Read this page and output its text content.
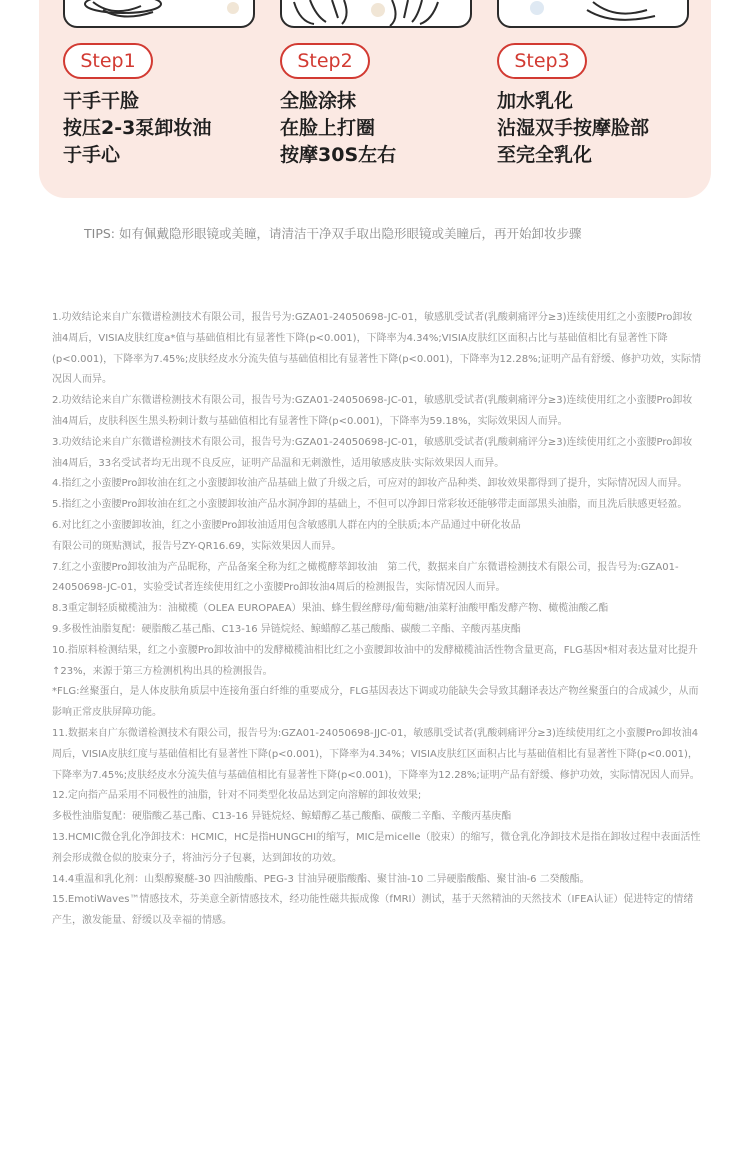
Step1
干手干脸
按压2-3泵卸妆油
于手心
Step2
全脸涂抹
在脸上打圈
按摩30S左右
Step3
加水乳化
沾湿双手按摩脸部
至完全乳化
TIPS: 如有佩戴隐形眼镜或美瞳，请清洁干净双手取出隐形眼镜或美瞳后，再开始卸妆步骤

1.功效结论来自广东微谱检测技术有限公司，报告号为:GZA01-24050698-JC-01，敏感肌受试者(乳酸刺痛评分≥3)连续使用红之小蛮腰Pro卸妆油4周后，VISIA皮肤红度a*值与基础值相比有显著性下降(p<0.001)，下降率为4.34%;VISIA皮肤红区面积占比与基础值相比有显著性下降(p<0.001)，下降率为7.45%;皮肤经皮水分流失值与基础值相比有显著性下降(p<0.001)，下降率为12.28%;证明产品有舒缓、修护功效，实际情况因人而异。

2.功效结论来自广东微谱检测技术有限公司，报告号为:GZA01-24050698-JC-01，敏感肌受试者(乳酸刺痛评分≥3)连续使用红之小蛮腰Pro卸妆油4周后，皮肤科医生黑头粉刺计数与基础值相比有显著性下降(p<0.001)，下降率为59.18%，实际效果因人而异。

3.功效结论来自广东微谱检测技术有限公司，报告号为:GZA01-24050698-JC-01，敏感肌受试者(乳酸刺痛评分≥3)连续使用红之小蛮腰Pro卸妆油4周后，33名受试者均无出现不良反应，证明产品温和无刺激性，适用敏感皮肤·实际效果因人而异。

4.指红之小蛮腰Pro卸妆油在红之小蛮腰卸妆油产品基础上做了升级之后，可应对的卸妆产品种类、卸妆效果都得到了提升，实际情况因人而异。

5.指红之小蛮腰Pro卸妆油在红之小蛮腰卸妆油产品水洞净卸的基础上，不但可以净卸日常彩妆还能够带走面部黑头油脂，而且洗后肤感更轻盈。

6.对比红之小蛮腰卸妆油，红之小蛮腰Pro卸妆油适用包含敏感肌人群在内的全肤质;本产品通过中研化妆品

有限公司的斑贴测试，报告号ZY-QR16.69，实际效果因人而异。

7.红之小蛮腰Pro卸妆油为产品昵称，产品备案全称为红之橄榄酵萃卸妆油　第二代，数据来自广东微谱检测技术有限公司，报告号为:GZA01-24050698-JC-01，实验受试者连续使用红之小蛮腰Pro卸妆油4周后的检测报告，实际情况因人而异。

8.3重定制轻质橄榄油为：油橄榄（OLEA EUROPAEA）果油、蜂生假丝酵母/葡萄糖/油菜籽油酸甲酯发酵产物、橄榄油酸乙酯

9.多极性油脂复配：硬脂酸乙基己酯、C13-16 异链烷烃、鲸蜡醇乙基己酸酯、碳酸二辛酯、辛酸丙基庚酯

10.指原料检测结果，红之小蛮腰Pro卸妆油中的发酵橄榄油相比红之小蛮腰卸妆油中的发酵橄榄油活性物含量更高，FLG基因*相对表达量对比提升↑23%，来源于第三方检测机构出具的检测报告。

*FLG:丝聚蛋白，是人体皮肤角质层中连接角蛋白纤维的重要成分，FLG基因表达下调或功能缺失会导致其翻译表达产物丝聚蛋白的合成减少，从而影响正常皮肤屏障功能。

11.数据来自广东微谱检测技术有限公司，报告号为:GZA01-24050698-JJC-01，敏感肌受试者(乳酸刺痛评分≥3)连续使用红之小蛮腰Pro卸妆油4周后，VISIA皮肤红度与基础值相比有显著性下降(p<0.001)，下降率为4.34%；VISIA皮肤红区面积占比与基础值相比有显著性下降(p<0.001)，下降率为7.45%;皮肤经皮水分流失值与基础值相比有显著性下降(p<0.001)，下降率为12.28%;证明产品有舒缓、修护功效，实际情况因人而异。

12.定向指产品采用不同极性的油脂，针对不同类型化妆品达到定向溶解的卸妆效果;

多极性油脂复配：硬脂酸乙基己酯、C13-16 异链烷烃、鲸蜡醇乙基己酸酯、碳酸二辛酯、辛酸丙基庚酯

13.HCMIC微仓乳化净卸技术：HCMIC，HC是指HUNGCHI的缩写，MIC是micelle（胶束）的缩写，微仓乳化净卸技术是指在卸妆过程中表面活性剂会形成微仓似的胶束分子，将油污分子包裹，达到卸妆的功效。

14.4重温和乳化剂：山梨醇聚醚-30 四油酸酯、PEG-3 甘油异硬脂酸酯、聚甘油-10 二异硬脂酸酯、聚甘油-6 二癸酸酯。

15.EmotiWaves™情感技术，芬美意全新情感技术，经功能性磁共振成像（fMRI）测试，基于天然精油的天然技术（IFEA认证）促进特定的情绪产生，激发能量、舒缓以及幸福的情感。
